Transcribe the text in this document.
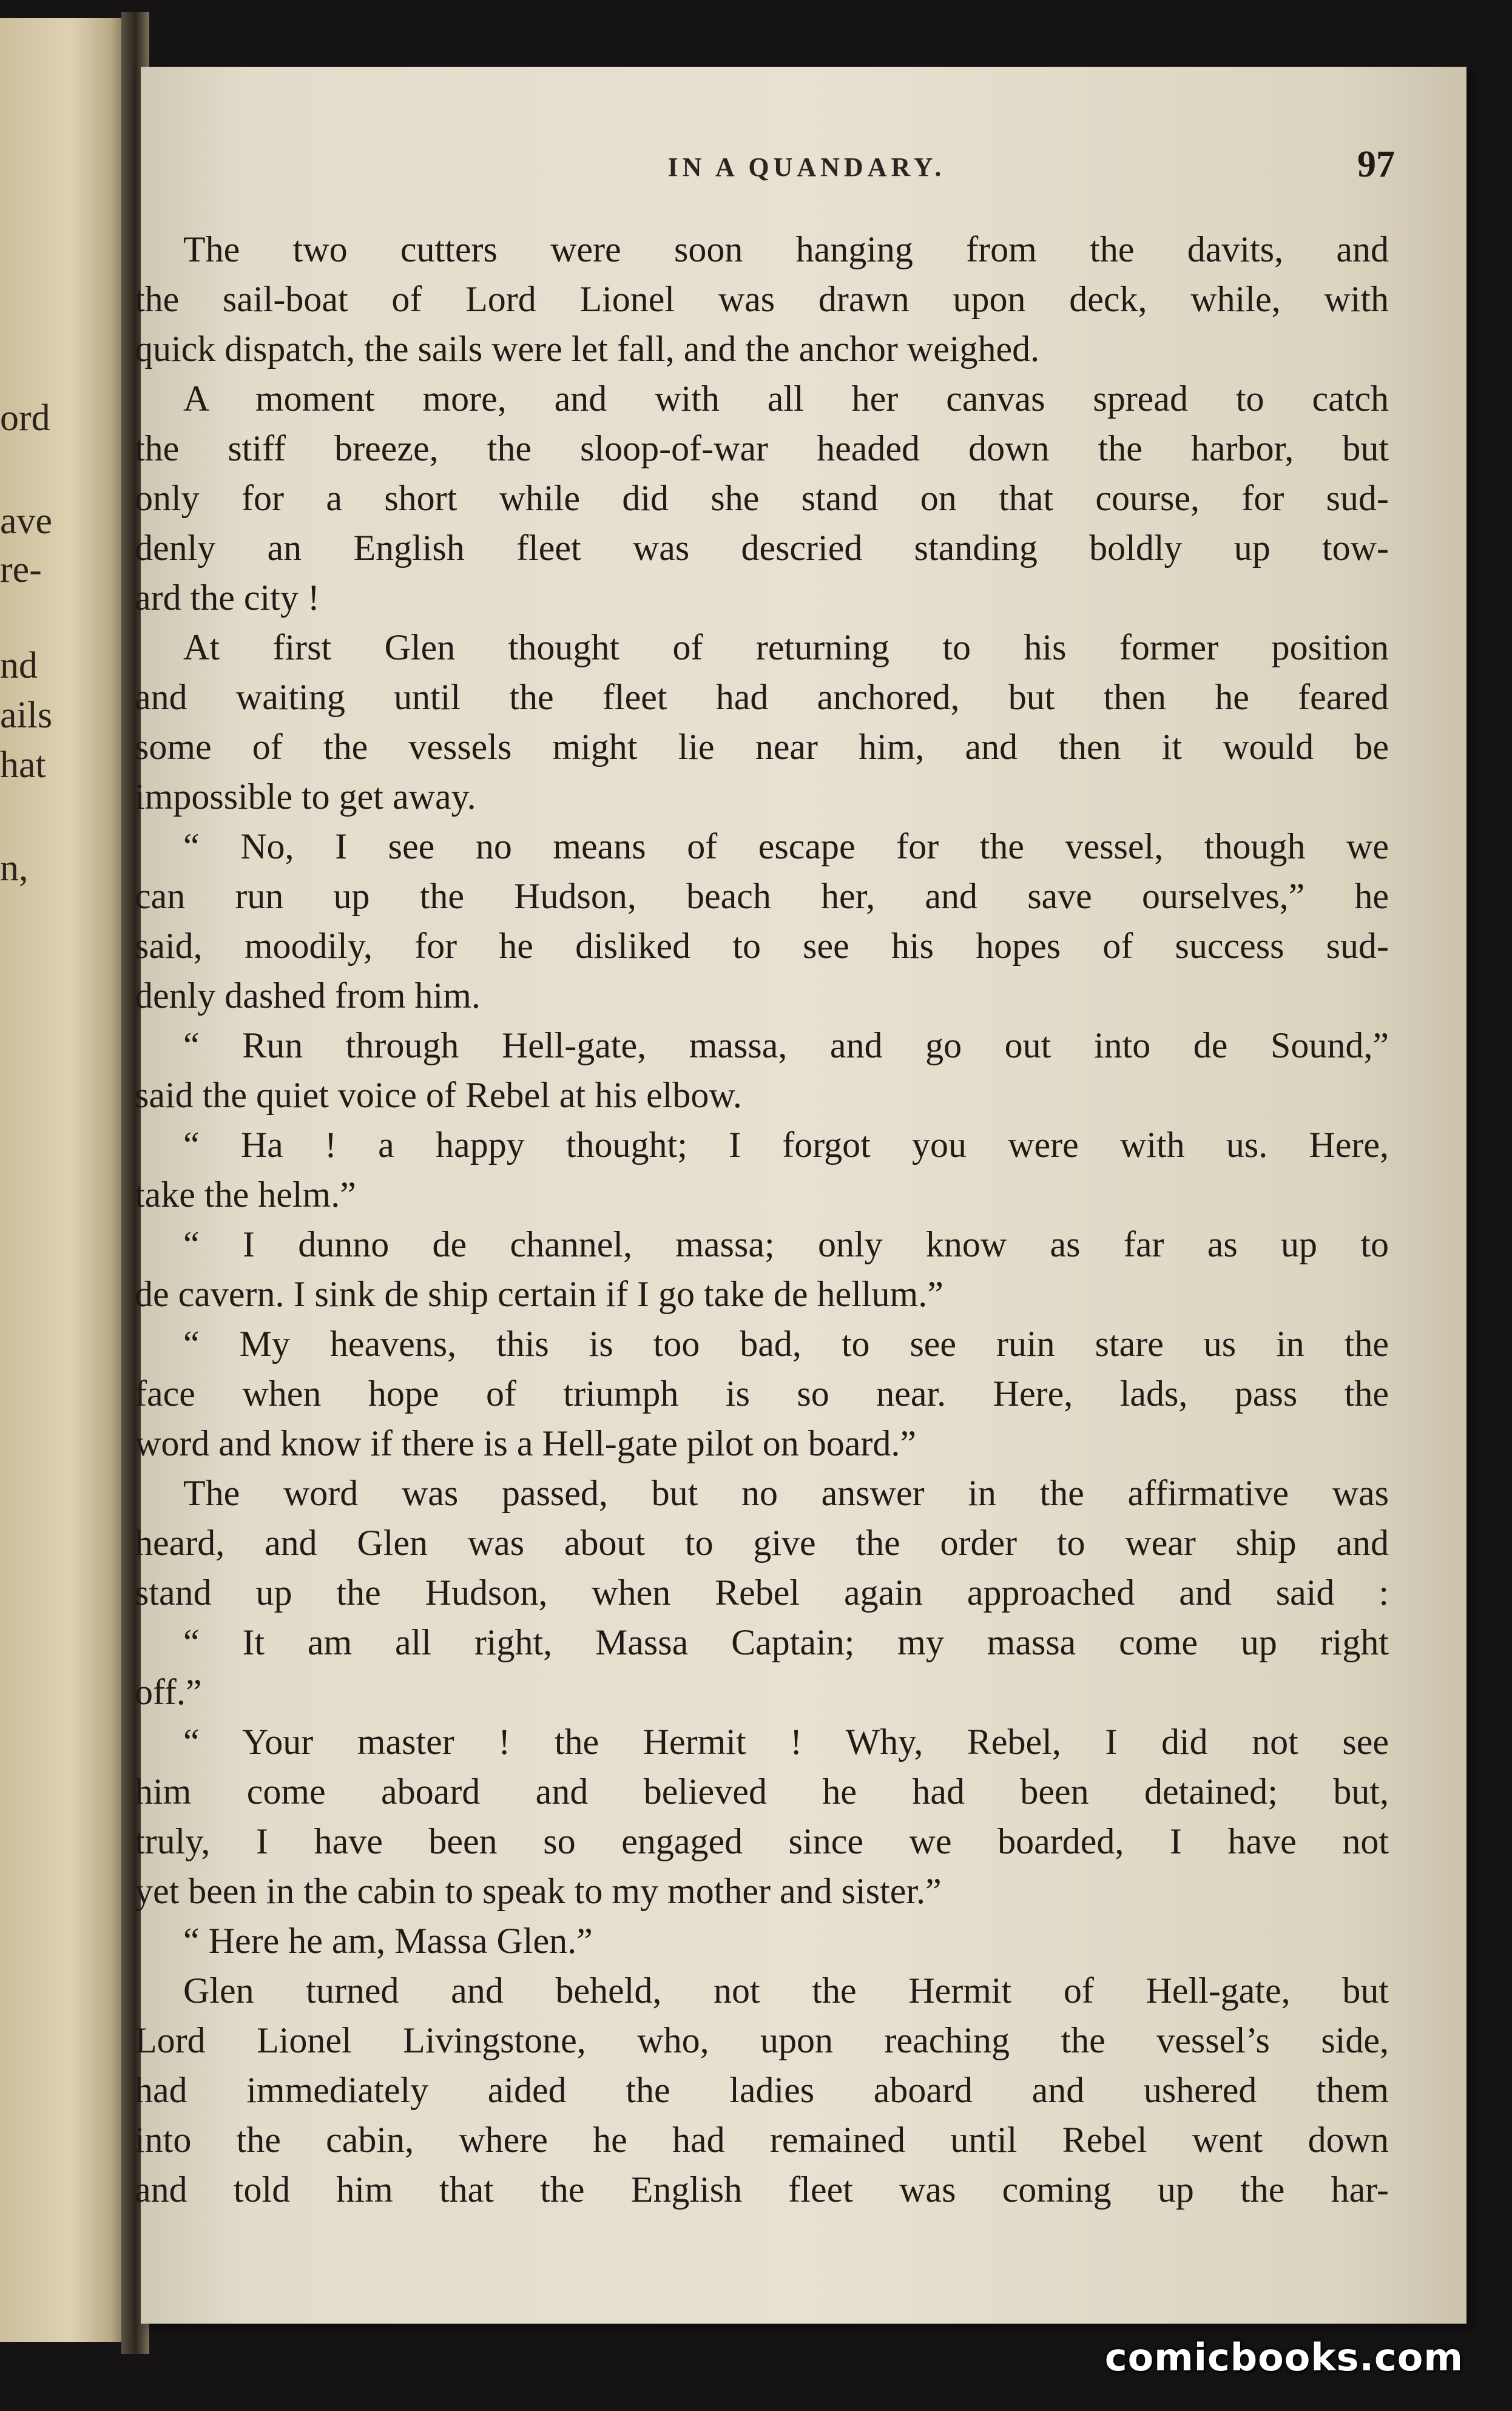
ord
ave
re-
nd
ails
hat
n,
IN A QUANDARY.	97
The two cutters were soon hanging from the davits, and
the sail-boat of Lord Lionel was drawn upon deck, while, with
quick dispatch, the sails were let fall, and the anchor weighed.
A moment more, and with all her canvas spread to catch
the stiff breeze, the sloop-of-war headed down the harbor, but
only for a short while did she stand on that course, for sud-
denly an English fleet was descried standing boldly up tow-
ard the city !
At first Glen thought of returning to his former position
and waiting until the fleet had anchored, but then he feared
some of the vessels might lie near him, and then it would be
impossible to get away.
“ No, I see no means of escape for the vessel, though we
can run up the Hudson, beach her, and save ourselves,” he
said, moodily, for he disliked to see his hopes of success sud-
denly dashed from him.
“ Run through Hell-gate, massa, and go out into de Sound,”
said the quiet voice of Rebel at his elbow.
“ Ha ! a happy thought; I forgot you were with us. Here,
take the helm.”
“ I dunno de channel, massa; only know as far as up to
de cavern. I sink de ship certain if I go take de hellum.”
“ My heavens, this is too bad, to see ruin stare us in the
face when hope of triumph is so near. Here, lads, pass the
word and know if there is a Hell-gate pilot on board.”
The word was passed, but no answer in the affirmative was
heard, and Glen was about to give the order to wear ship and
stand up the Hudson, when Rebel again approached and said :
“ It am all right, Massa Captain; my massa come up right
off.”
“ Your master ! the Hermit ! Why, Rebel, I did not see
him come aboard and believed he had been detained; but,
truly, I have been so engaged since we boarded, I have not
yet been in the cabin to speak to my mother and sister.”
“ Here he am, Massa Glen.”
Glen turned and beheld, not the Hermit of Hell-gate, but
Lord Lionel Livingstone, who, upon reaching the vessel’s side,
had immediately aided the ladies aboard and ushered them
into the cabin, where he had remained until Rebel went down
and told him that the English fleet was coming up the har-
comicbooks.com
